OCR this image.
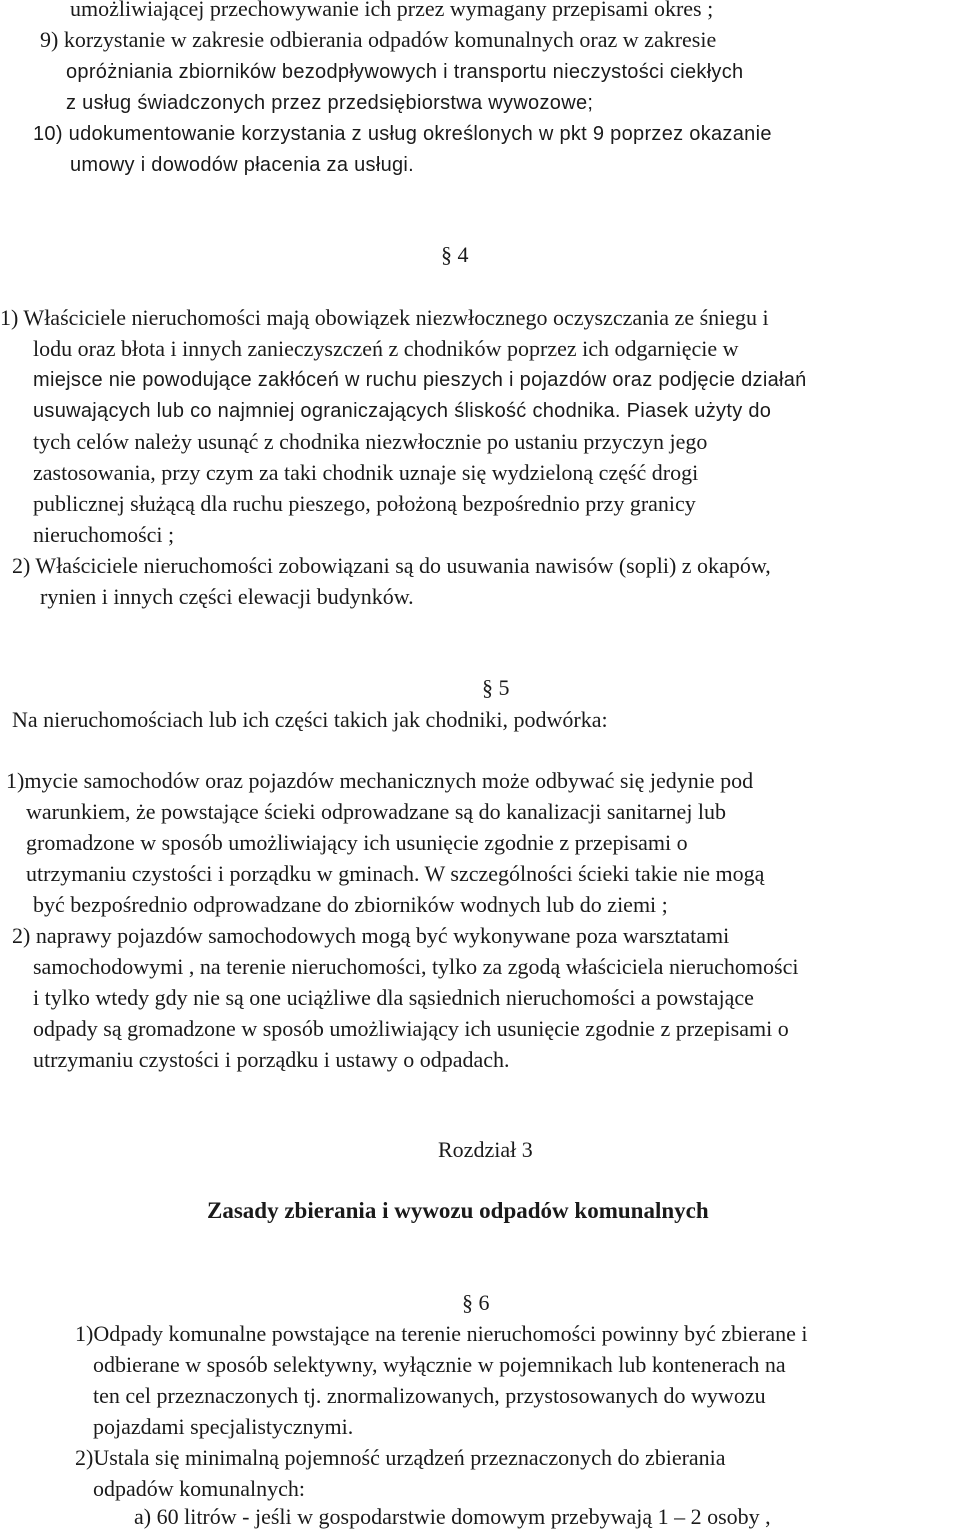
umożliwiającej przechowywanie ich przez wymagany przepisami okres ;
9) korzystanie w zakresie odbierania odpadów komunalnych oraz w zakresie
opróżniania zbiorników bezodpływowych i transportu nieczystości ciekłych
z usług świadczonych przez przedsiębiorstwa wywozowe;
10) udokumentowanie korzystania z usług określonych w pkt 9 poprzez okazanie
umowy i dowodów płacenia za usługi.
§ 4
1) Właściciele nieruchomości mają obowiązek niezwłocznego oczyszczania ze śniegu i
lodu oraz błota i innych zanieczyszczeń z chodników poprzez ich odgarnięcie w
miejsce nie powodujące zakłóceń w ruchu pieszych i pojazdów oraz podjęcie działań
usuwających lub co najmniej ograniczających śliskość chodnika. Piasek użyty do
tych celów należy usunąć z chodnika niezwłocznie po ustaniu przyczyn jego
zastosowania, przy czym za taki chodnik uznaje się wydzieloną część drogi
publicznej służącą dla ruchu pieszego, położoną bezpośrednio przy granicy
nieruchomości ;
2) Właściciele nieruchomości zobowiązani są do usuwania nawisów (sopli) z okapów,
rynien i innych części elewacji budynków.
§ 5
Na nieruchomościach lub ich części takich jak chodniki, podwórka:
1)mycie samochodów oraz pojazdów mechanicznych może odbywać się jedynie pod
warunkiem, że powstające ścieki odprowadzane są do kanalizacji sanitarnej lub
gromadzone w sposób umożliwiający ich usunięcie zgodnie z przepisami o
utrzymaniu czystości i porządku w gminach. W szczególności ścieki takie nie mogą
być bezpośrednio odprowadzane do zbiorników wodnych lub do ziemi ;
2) naprawy pojazdów samochodowych mogą być wykonywane poza warsztatami
samochodowymi , na terenie nieruchomości, tylko za zgodą właściciela nieruchomości
i tylko wtedy gdy nie są one uciążliwe dla sąsiednich nieruchomości a powstające
odpady są gromadzone w sposób umożliwiający ich usunięcie zgodnie z przepisami o
utrzymaniu czystości i porządku i ustawy o odpadach.
Rozdział 3
Zasady zbierania i wywozu odpadów komunalnych
§ 6
1)Odpady komunalne powstające na terenie nieruchomości powinny być zbierane i
odbierane w sposób selektywny, wyłącznie w pojemnikach lub kontenerach na
ten cel przeznaczonych tj. znormalizowanych, przystosowanych do wywozu
pojazdami specjalistycznymi.
2)Ustala się minimalną pojemność urządzeń przeznaczonych do zbierania
odpadów komunalnych:
a) 60 litrów - jeśli w gospodarstwie domowym przebywają 1 – 2 osoby ,
